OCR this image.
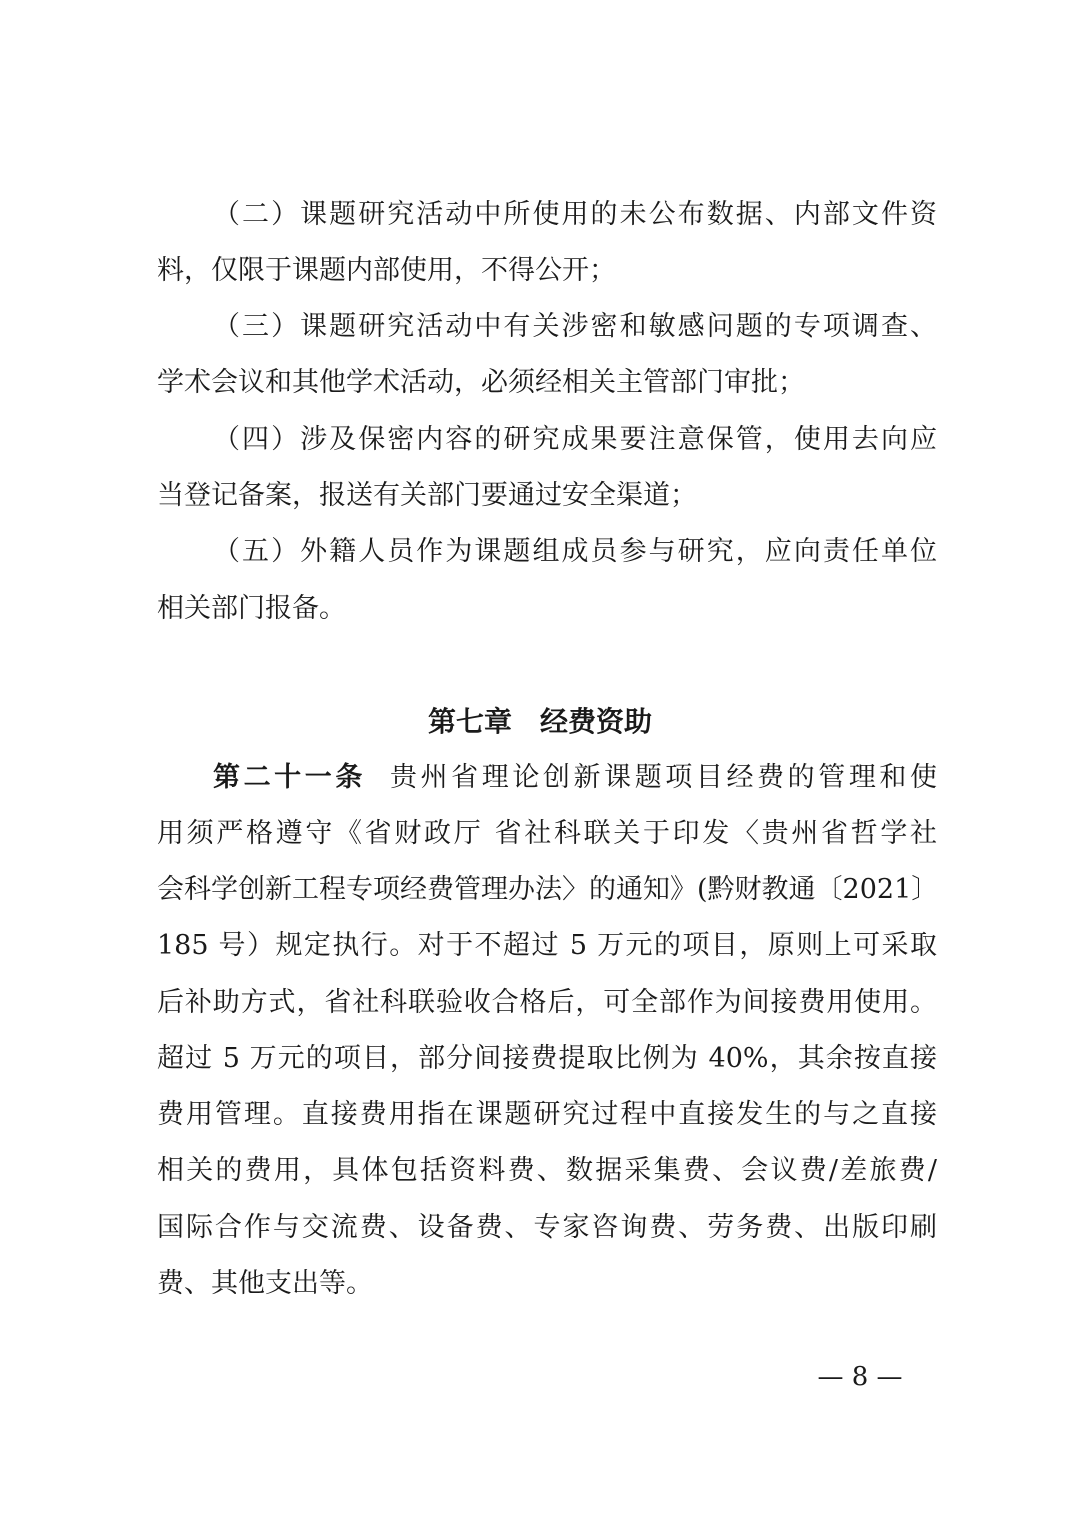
（二）课题研究活动中所使用的未公布数据、内部文件资
料，仅限于课题内部使用，不得公开；
（三）课题研究活动中有关涉密和敏感问题的专项调查、
学术会议和其他学术活动，必须经相关主管部门审批；
（四）涉及保密内容的研究成果要注意保管，使用去向应
当登记备案，报送有关部门要通过安全渠道；
（五）外籍人员作为课题组成员参与研究，应向责任单位
相关部门报备。
第七章　经费资助
第二十一条 贵州省理论创新课题项目经费的管理和使
用须严格遵守《省财政厅 省社科联关于印发〈贵州省哲学社
会科学创新工程专项经费管理办法〉的通知》(黔财教通〔2021〕
185 号）规定执行。对于不超过 5 万元的项目，原则上可采取
后补助方式，省社科联验收合格后，可全部作为间接费用使用。
超过 5 万元的项目，部分间接费提取比例为 40%，其余按直接
费用管理。直接费用指在课题研究过程中直接发生的与之直接
相关的费用，具体包括资料费、数据采集费、会议费/差旅费/
国际合作与交流费、设备费、专家咨询费、劳务费、出版印刷
费、其他支出等。
— 8 —
